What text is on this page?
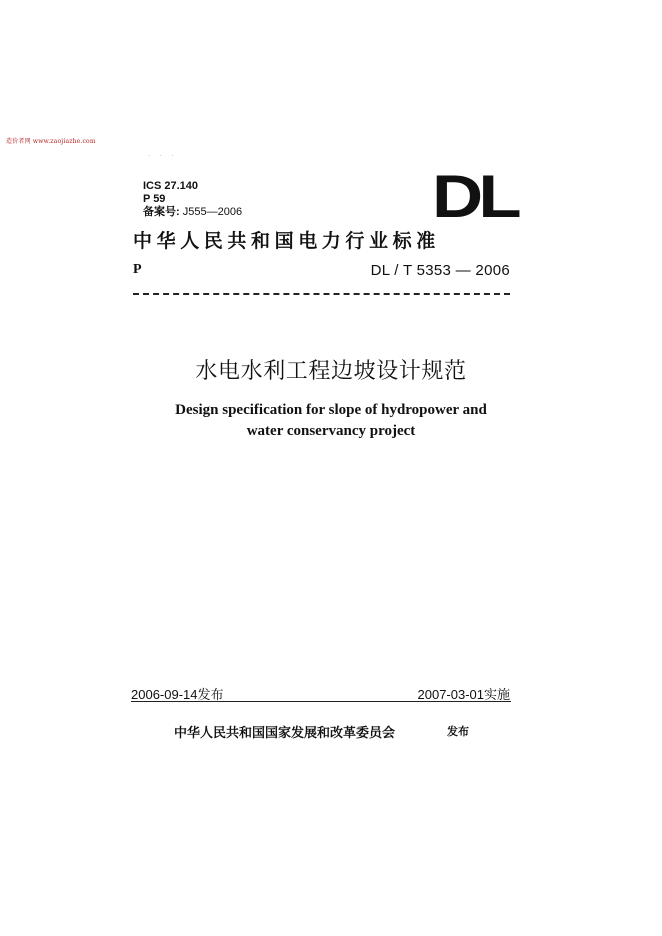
造价者网 www.zaojiazhe.com
· · ·
ICS 27.140
P 59
备案号: J555—2006	DL
中华人民共和国电力行业标准
P	DL / T 5353 — 2006
水电水利工程边坡设计规范
Design specification for slope of hydropower and
water conservancy project
2006-09-14发布	2007-03-01实施
中华人民共和国国家发展和改革委员会	发布
